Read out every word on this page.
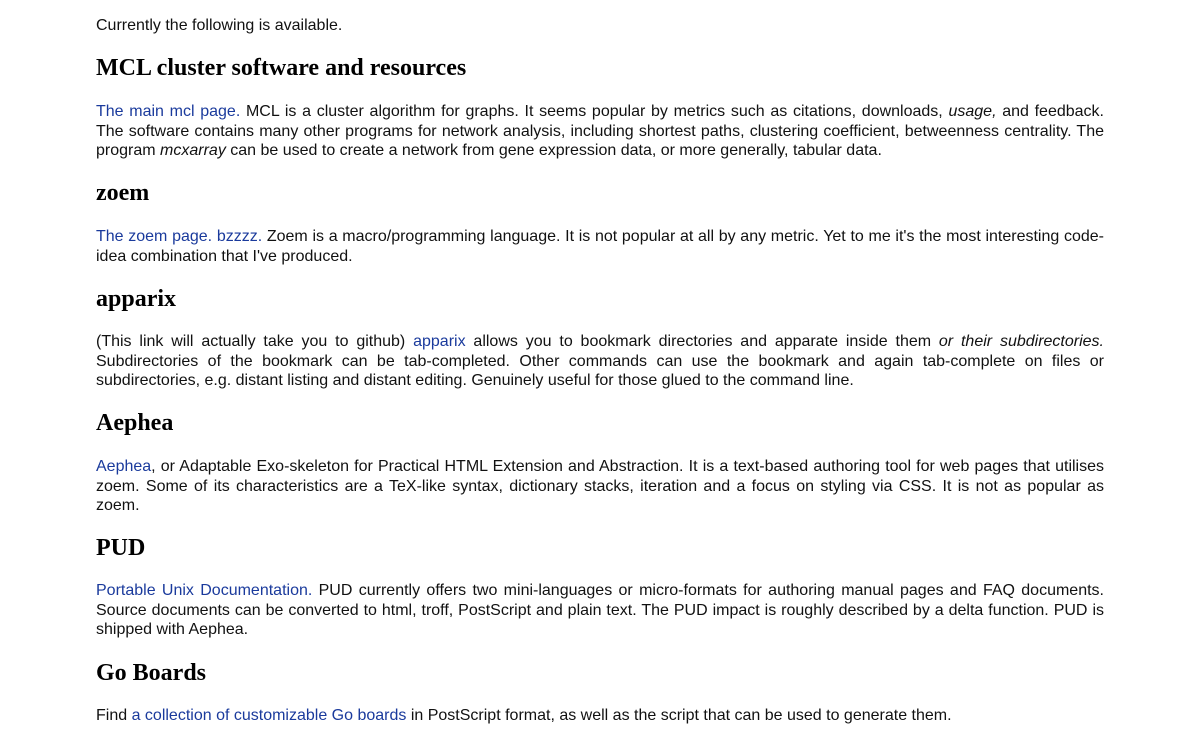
Currently the following is available.

MCL cluster software and resources

The main mcl page. MCL is a cluster algorithm for graphs. It seems popular by metrics such as citations, downloads, usage, and feedback. The software contains many other programs for network analysis, including shortest paths, clustering coefficient, betweenness centrality. The program mcxarray can be used to create a network from gene expression data, or more generally, tabular data.

zoem

The zoem page. bzzzz. Zoem is a macro/programming language. It is not popular at all by any metric. Yet to me it's the most interesting code-idea combination that I've produced.

apparix

(This link will actually take you to github) apparix allows you to bookmark directories and apparate inside them or their subdirectories. Subdirectories of the bookmark can be tab-completed. Other commands can use the bookmark and again tab-complete on files or subdirectories, e.g. distant listing and distant editing. Genuinely useful for those glued to the command line.

Aephea

Aephea, or Adaptable Exo-skeleton for Practical HTML Extension and Abstraction. It is a text-based authoring tool for web pages that utilises zoem. Some of its characteristics are a TeX-like syntax, dictionary stacks, iteration and a focus on styling via CSS. It is not as popular as zoem.

PUD

Portable Unix Documentation. PUD currently offers two mini-languages or micro-formats for authoring manual pages and FAQ documents. Source documents can be converted to html, troff, PostScript and plain text. The PUD impact is roughly described by a delta function. PUD is shipped with Aephea.

Go Boards

Find a collection of customizable Go boards in PostScript format, as well as the script that can be used to generate them.
